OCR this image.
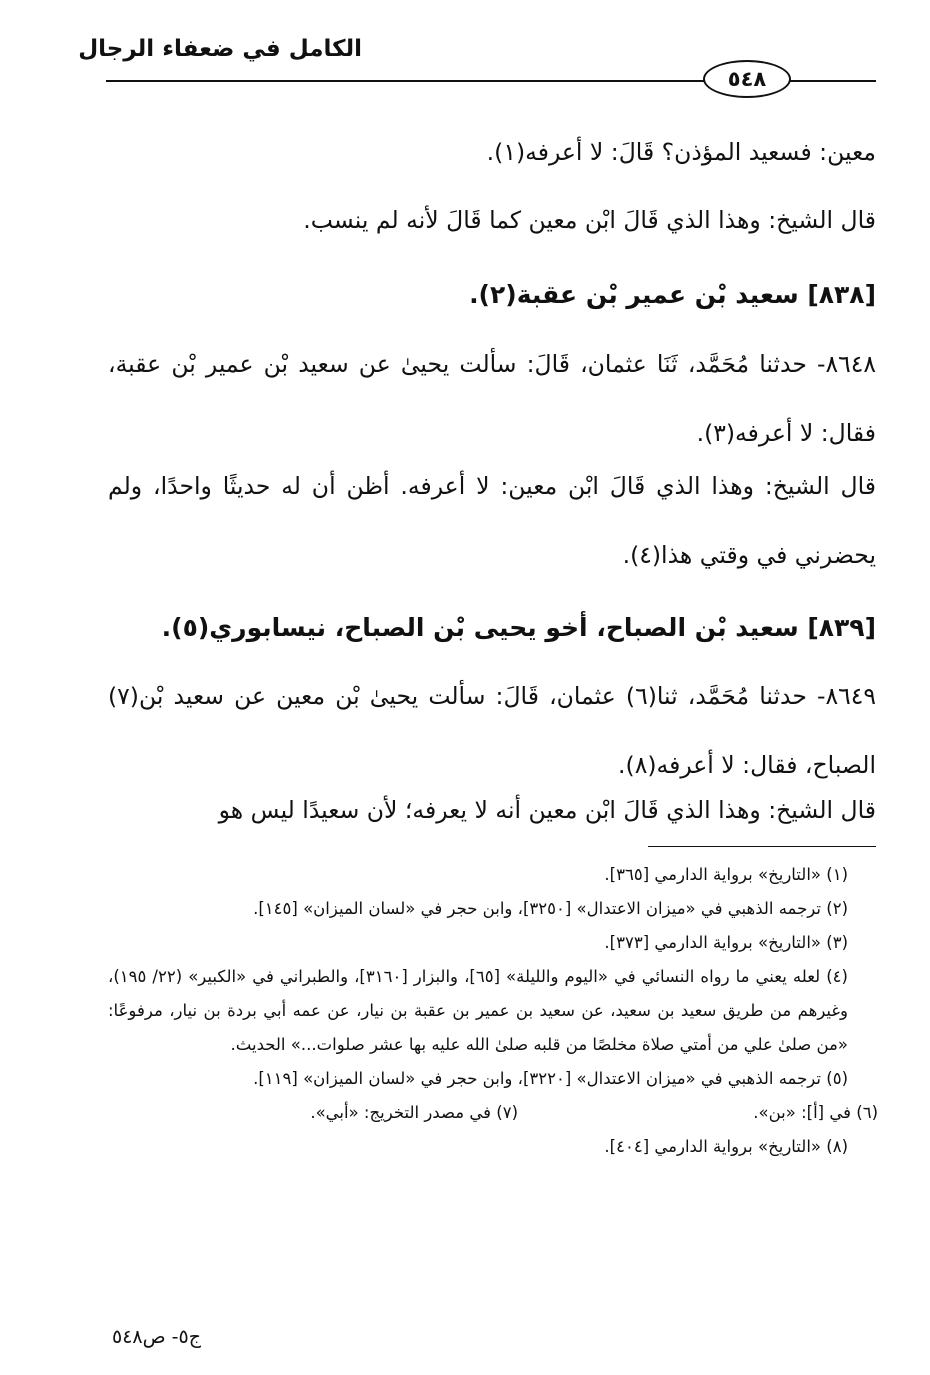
الكامل في ضعفاء الرجال
٥٤٨
معين: فسعيد المؤذن؟ قَالَ: لا أعرفه(١).
قال الشيخ: وهذا الذي قَالَ ابْن معين كما قَالَ لأنه لم ينسب.
[٨٣٨] سعيد بْن عمير بْن عقبة(٢).
٨٦٤٨- حدثنا مُحَمَّد، ثَنَا عثمان، قَالَ: سألت يحيىٰ عن سعيد بْن عمير بْن عقبة، فقال: لا أعرفه(٣).
قال الشيخ: وهذا الذي قَالَ ابْن معين: لا أعرفه. أظن أن له حديثًا واحدًا، ولم يحضرني في وقتي هذا(٤).
[٨٣٩] سعيد بْن الصباح، أخو يحيى بْن الصباح، نيسابوري(٥).
٨٦٤٩- حدثنا مُحَمَّد، ثنا(٦) عثمان، قَالَ: سألت يحيىٰ بْن معين عن سعيد بْن(٧) الصباح، فقال: لا أعرفه(٨).
قال الشيخ: وهذا الذي قَالَ ابْن معين أنه لا يعرفه؛ لأن سعيدًا ليس هو
(١) «التاريخ» برواية الدارمي [٣٦٥].
(٢) ترجمه الذهبي في «ميزان الاعتدال» [٣٢٥٠]، وابن حجر في «لسان الميزان» [١٤٥].
(٣) «التاريخ» برواية الدارمي [٣٧٣].
(٤) لعله يعني ما رواه النسائي في «اليوم والليلة» [٦٥]، والبزار [٣١٦٠]، والطبراني في «الكبير» (٢٢/ ١٩٥)، وغيرهم من طريق سعيد بن سعيد، عن سعيد بن عمير بن عقبة بن نيار، عن عمه أبي بردة بن نيار، مرفوعًا: «من صلىٰ علي من أمتي صلاة مخلصًا من قلبه صلىٰ الله عليه بها عشر صلوات...» الحديث.
(٥) ترجمه الذهبي في «ميزان الاعتدال» [٣٢٢٠]، وابن حجر في «لسان الميزان» [١١٩].
(٦) في [أ]: «بن».
(٧) في مصدر التخريج: «أبي».
(٨) «التاريخ» برواية الدارمي [٤٠٤].
ج٥- ص٥٤٨
